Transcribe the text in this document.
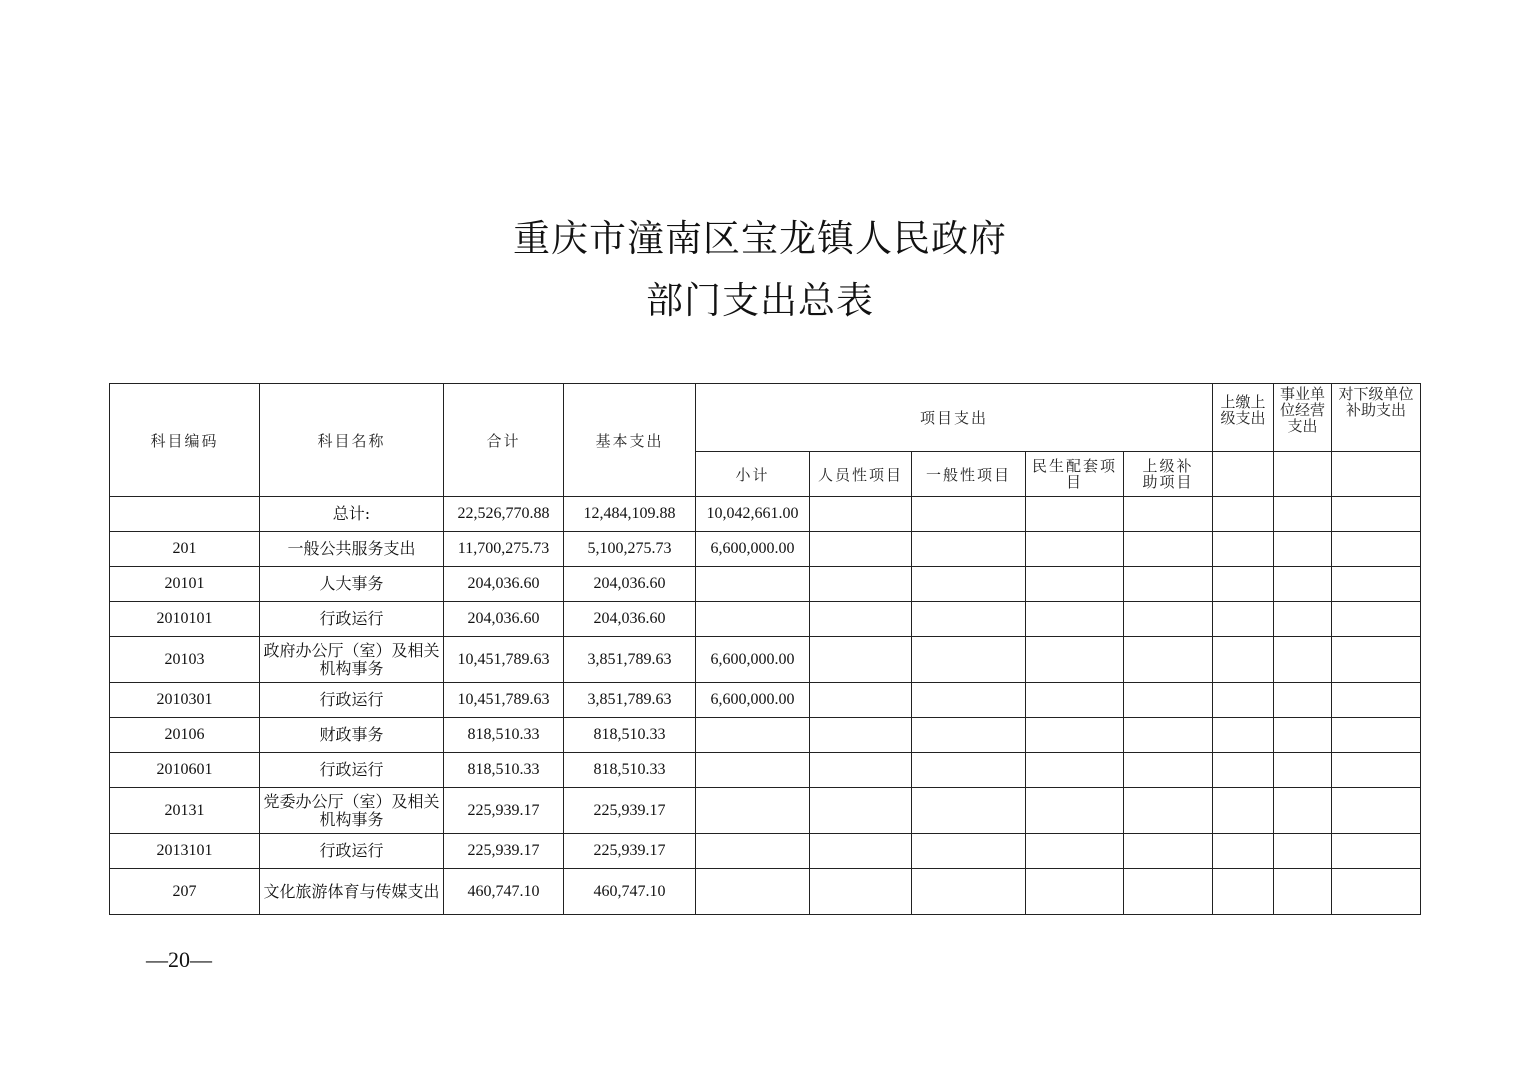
重庆市潼南区宝龙镇人民政府
部门支出总表
科目编码	科目名称	合计	基本支出	项目支出					上缴上级支出	事业单位经营支出	对下级单位补助支出
				小计	人员性项目	一般性项目	民生配套项目	上级补助项目			
	总计:	22,526,770.88	12,484,109.88	10,042,661.00							
201	一般公共服务支出	11,700,275.73	5,100,275.73	6,600,000.00							
20101	人大事务	204,036.60	204,036.60								
2010101	行政运行	204,036.60	204,036.60								
20103	政府办公厅（室）及相关机构事务	10,451,789.63	3,851,789.63	6,600,000.00							
2010301	行政运行	10,451,789.63	3,851,789.63	6,600,000.00							
20106	财政事务	818,510.33	818,510.33								
2010601	行政运行	818,510.33	818,510.33								
20131	党委办公厅（室）及相关机构事务	225,939.17	225,939.17								
2013101	行政运行	225,939.17	225,939.17								
207	文化旅游体育与传媒支出	460,747.10	460,747.10								
—20—
